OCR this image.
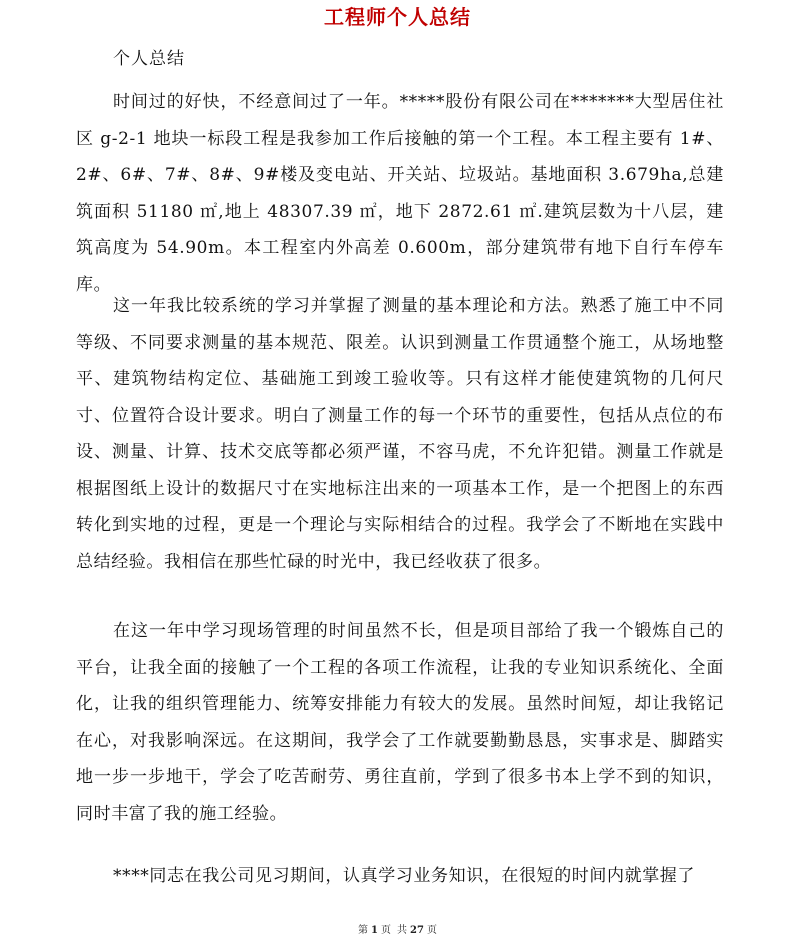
工程师个人总结
个人总结

时间过的好快，不经意间过了一年。*****股份有限公司在*******大型居住社区 g-2-1 地块一标段工程是我参加工作后接触的第一个工程。本工程主要有 1#、2#、6#、7#、8#、9#楼及变电站、开关站、垃圾站。基地面积 3.679ha,总建筑面积 51180 ㎡,地上 48307.39 ㎡，地下 2872.61 ㎡.建筑层数为十八层，建筑高度为 54.90m。本工程室内外高差 0.600m，部分建筑带有地下自行车停车库。

这一年我比较系统的学习并掌握了测量的基本理论和方法。熟悉了施工中不同等级、不同要求测量的基本规范、限差。认识到测量工作贯通整个施工，从场地整平、建筑物结构定位、基础施工到竣工验收等。只有这样才能使建筑物的几何尺寸、位置符合设计要求。明白了测量工作的每一个环节的重要性，包括从点位的布设、测量、计算、技术交底等都必须严谨，不容马虎，不允许犯错。测量工作就是根据图纸上设计的数据尺寸在实地标注出来的一项基本工作，是一个把图上的东西转化到实地的过程，更是一个理论与实际相结合的过程。我学会了不断地在实践中总结经验。我相信在那些忙碌的时光中，我已经收获了很多。

在这一年中学习现场管理的时间虽然不长，但是项目部给了我一个锻炼自己的平台，让我全面的接触了一个工程的各项工作流程，让我的专业知识系统化、全面化，让我的组织管理能力、统筹安排能力有较大的发展。虽然时间短，却让我铭记在心，对我影响深远。在这期间，我学会了工作就要勤勤恳恳，实事求是、脚踏实地一步一步地干，学会了吃苦耐劳、勇往直前，学到了很多书本上学不到的知识，同时丰富了我的施工经验。

****同志在我公司见习期间，认真学习业务知识，在很短的时间内就掌握了

第 1 页 共 27 页
